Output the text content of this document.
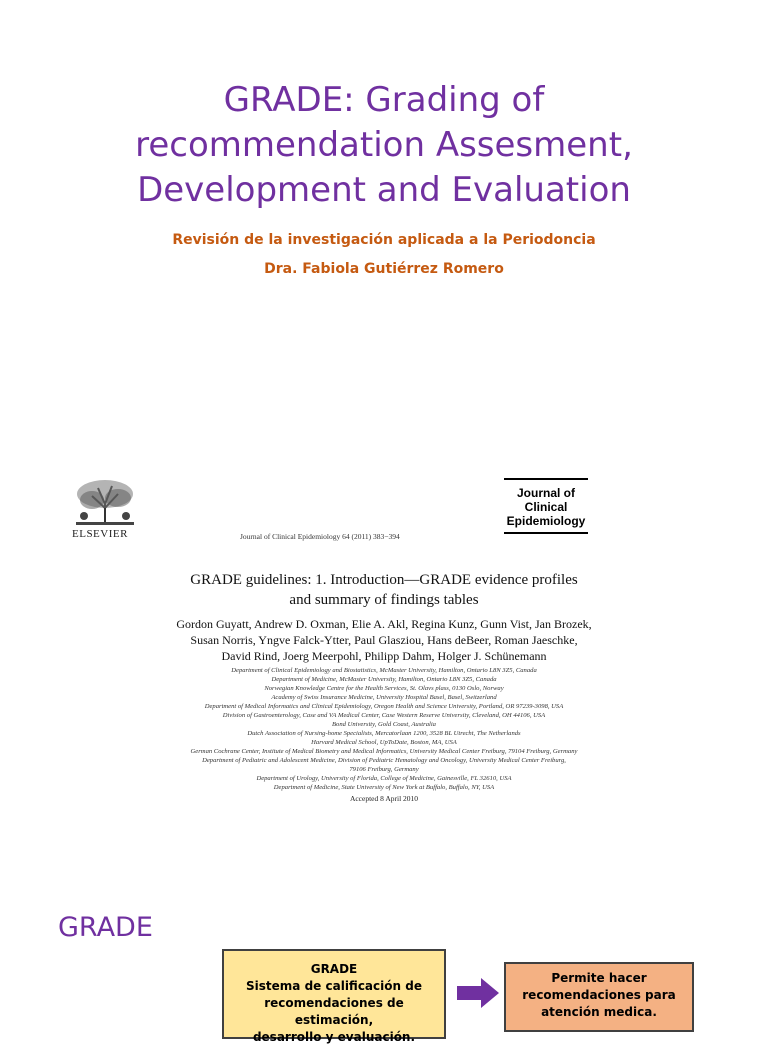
GRADE: Grading of
recommendation Assesment,
Development and Evaluation
Revisión de la investigación aplicada a la Periodoncia
Dra. Fabiola Gutiérrez Romero
ELSEVIER	Journal of Clinical Epidemiology 64 (2011) 383−394
Journal of
Clinical
Epidemiology
GRADE guidelines: 1. Introduction—GRADE evidence profiles
and summary of findings tables
Gordon Guyatt, Andrew D. Oxman, Elie A. Akl, Regina Kunz, Gunn Vist, Jan Brozek,
Susan Norris, Yngve Falck-Ytter, Paul Glasziou, Hans deBeer, Roman Jaeschke,
David Rind, Joerg Meerpohl, Philipp Dahm, Holger J. Schünemann
Department of Clinical Epidemiology and Biostatistics, McMaster University, Hamilton, Ontario L8N 3Z5, Canada
Department of Medicine, McMaster University, Hamilton, Ontario L8N 3Z5, Canada
Norwegian Knowledge Centre for the Health Services, St. Olavs plass, 0130 Oslo, Norway
Academy of Swiss Insurance Medicine, University Hospital Basel, Basel, Switzerland
Department of Medical Informatics and Clinical Epidemiology, Oregon Health and Science University, Portland, OR 97239-3098, USA
Division of Gastroenterology, Case and VA Medical Center, Case Western Reserve University, Cleveland, OH 44106, USA
Bond University, Gold Coast, Australia
Dutch Association of Nursing-home Specialists, Mercatorlaan 1200, 3528 BL Utrecht, The Netherlands
Harvard Medical School, UpToDate, Boston, MA, USA
German Cochrane Center, Institute of Medical Biometry and Medical Informatics, University Medical Center Freiburg, 79104 Freiburg, Germany
Department of Pediatric and Adolescent Medicine, Division of Pediatric Hematology and Oncology, University Medical Center Freiburg,
79106 Freiburg, Germany
Department of Urology, University of Florida, College of Medicine, Gainesville, FL 32610, USA
Department of Medicine, State University of New York at Buffalo, Buffalo, NY, USA
Accepted 8 April 2010
GRADE
GRADE
Sistema de calificación de
recomendaciones de estimación,
desarrollo y evaluación.
Permite hacer
recomendaciones para
atención medica.
